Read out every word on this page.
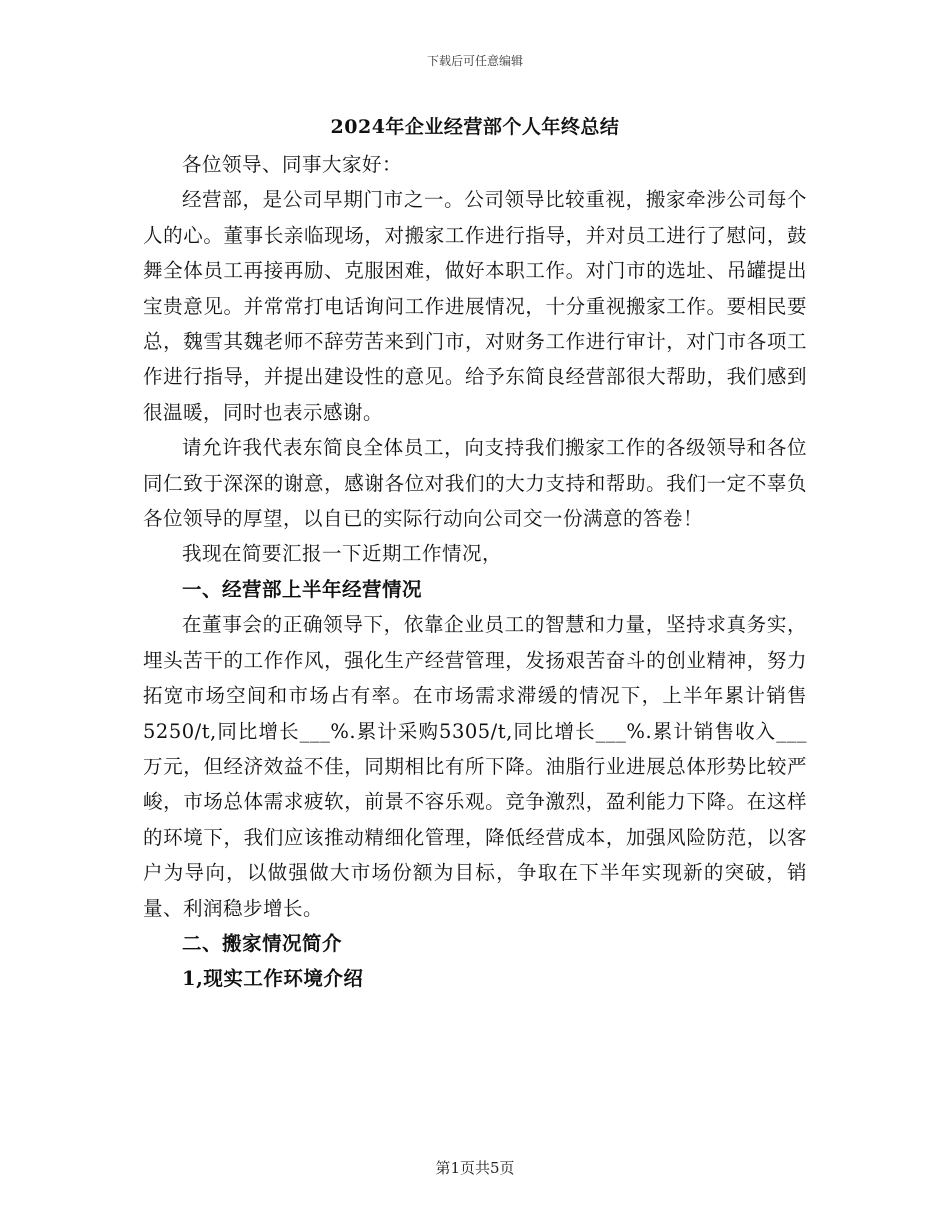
下载后可任意编辑
2024年企业经营部个人年终总结

各位领导、同事大家好：

经营部，是公司早期门市之一。公司领导比较重视，搬家牵涉公司每个人的心。董事长亲临现场，对搬家工作进行指导，并对员工进行了慰问，鼓舞全体员工再接再励、克服困难，做好本职工作。对门市的选址、吊罐提出宝贵意见。并常常打电话询问工作进展情况，十分重视搬家工作。要相民要总，魏雪其魏老师不辞劳苦来到门市，对财务工作进行审计，对门市各项工作进行指导，并提出建设性的意见。给予东简良经营部很大帮助，我们感到很温暖，同时也表示感谢。

请允许我代表东简良全体员工，向支持我们搬家工作的各级领导和各位同仁致于深深的谢意，感谢各位对我们的大力支持和帮助。我们一定不辜负各位领导的厚望，以自已的实际行动向公司交一份满意的答卷！

我现在简要汇报一下近期工作情况，

一、经营部上半年经营情况

在董事会的正确领导下，依靠企业员工的智慧和力量，坚持求真务实，埋头苦干的工作作风，强化生产经营管理，发扬艰苦奋斗的创业精神，努力拓宽市场空间和市场占有率。在市场需求滞缓的情况下，上半年累计销售5250/t,同比增长___%.累计采购5305/t,同比增长___%.累计销售收入___万元，但经济效益不佳，同期相比有所下降。油脂行业进展总体形势比较严峻，市场总体需求疲软，前景不容乐观。竞争激烈，盈利能力下降。在这样的环境下，我们应该推动精细化管理，降低经营成本，加强风险防范，以客户为导向，以做强做大市场份额为目标，争取在下半年实现新的突破，销量、利润稳步增长。

二、搬家情况简介

1,现实工作环境介绍

第1页共5页
